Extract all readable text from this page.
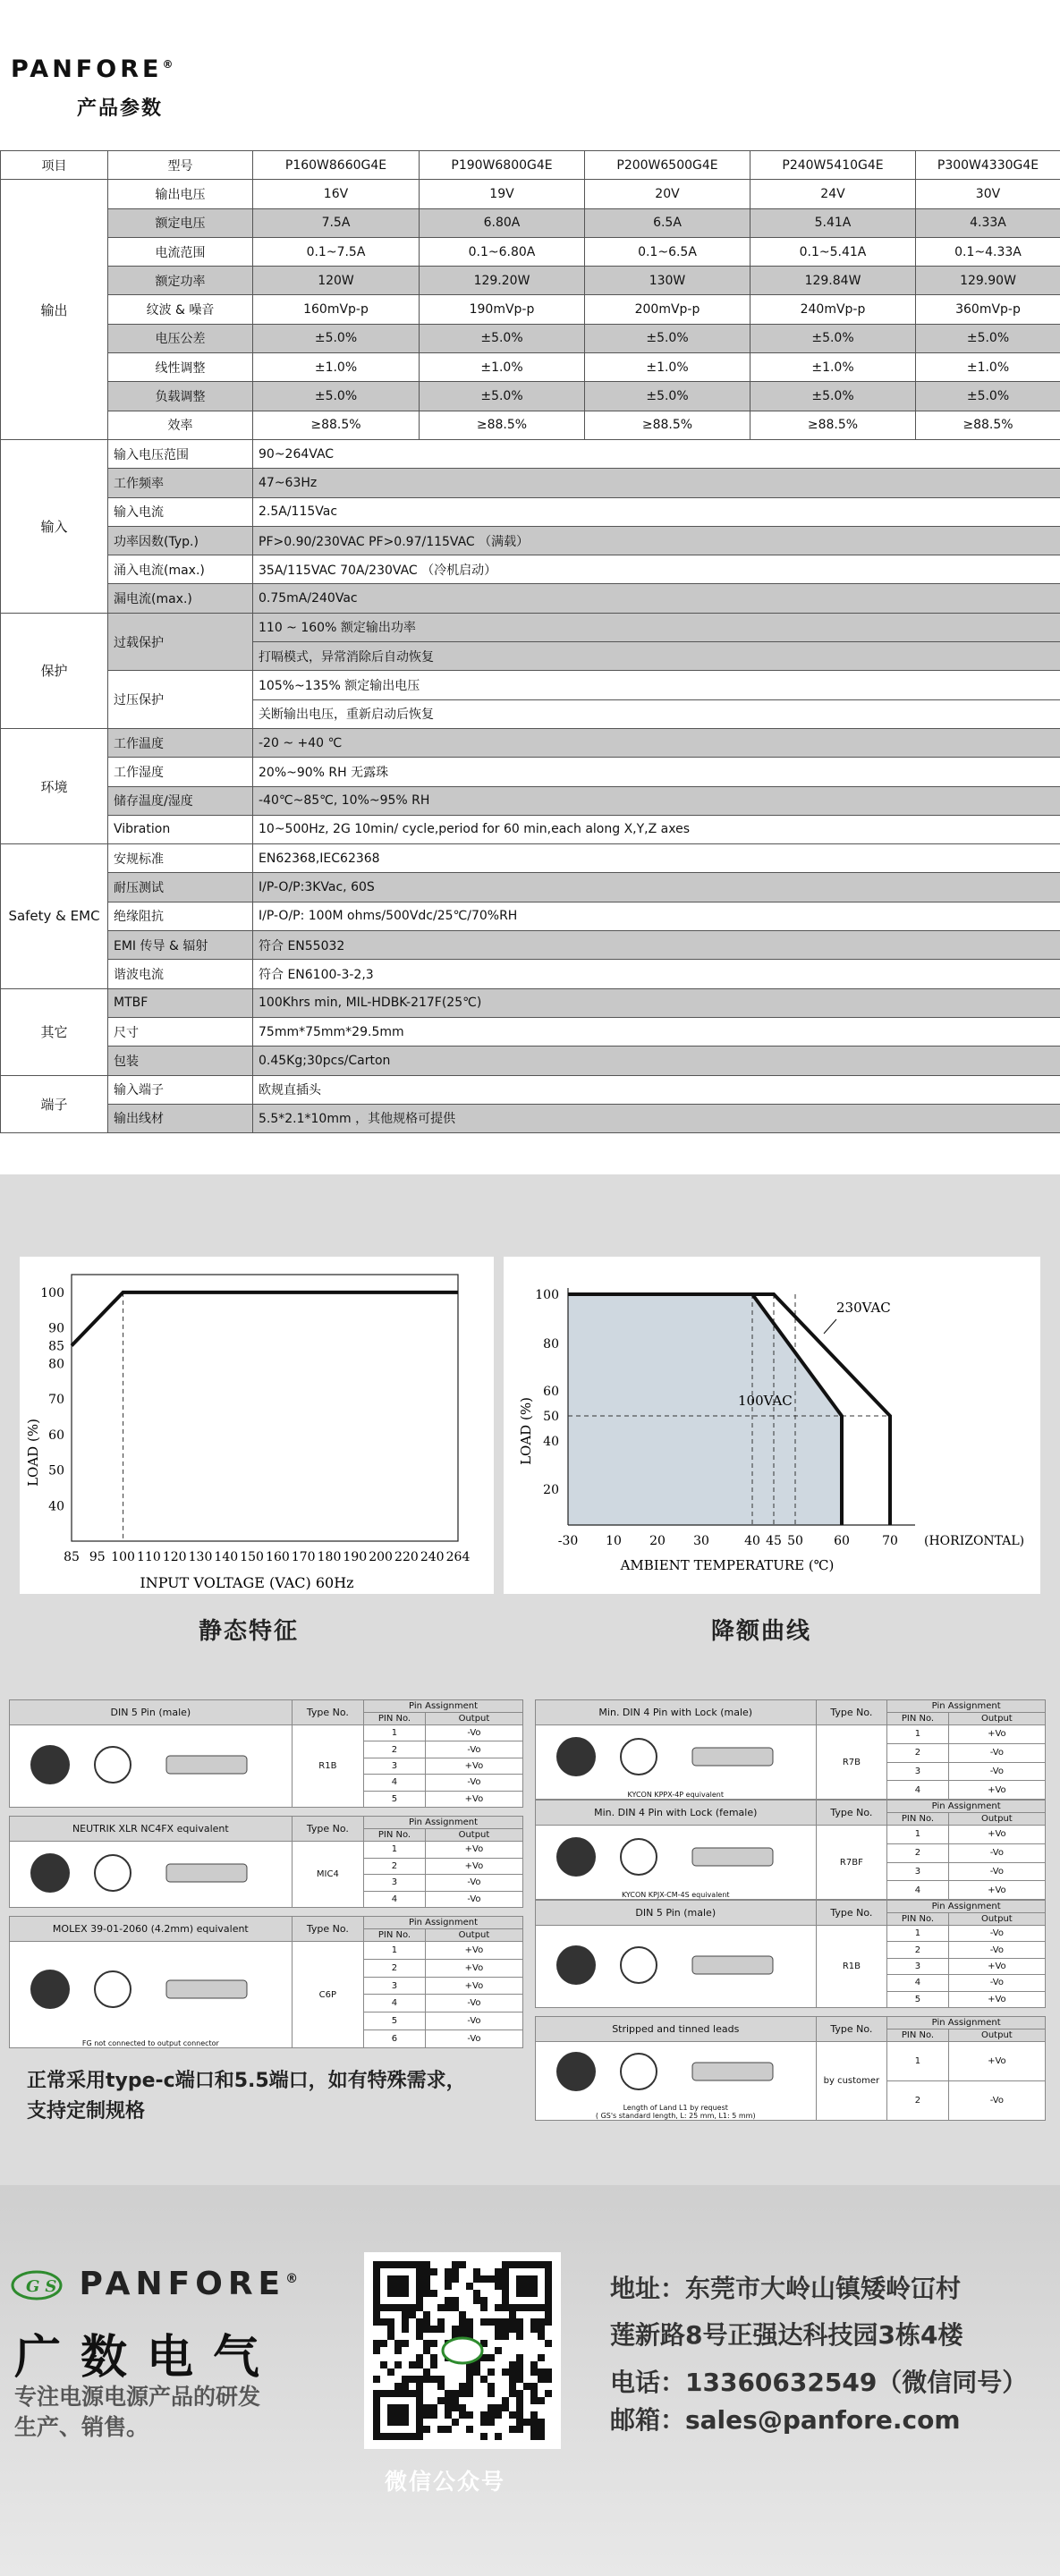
PANFORE®
产品参数
项目	型号	P160W8660G4E	P190W6800G4E	P200W6500G4E	P240W5410G4E	P300W4330G4E
输出	输出电压	16V	19V	20V	24V	30V
	额定电压	7.5A	6.80A	6.5A	5.41A	4.33A
	电流范围	0.1~7.5A	0.1~6.80A	0.1~6.5A	0.1~5.41A	0.1~4.33A
	额定功率	120W	129.20W	130W	129.84W	129.90W
	纹波 & 噪音	160mVp-p	190mVp-p	200mVp-p	240mVp-p	360mVp-p
	电压公差	±5.0%	±5.0%	±5.0%	±5.0%	±5.0%
	线性调整	±1.0%	±1.0%	±1.0%	±1.0%	±1.0%
	负载调整	±5.0%	±5.0%	±5.0%	±5.0%	±5.0%
	效率	≥88.5%	≥88.5%	≥88.5%	≥88.5%	≥88.5%
输入	输入电压范围	90~264VAC				
	工作频率	47~63Hz				
	输入电流	2.5A/115Vac				
	功率因数(Typ.)	PF>0.90/230VAC PF>0.97/115VAC （满载）				
	涌入电流(max.)	35A/115VAC 70A/230VAC （冷机启动）				
	漏电流(max.)	0.75mA/240Vac				
保护	过载保护	110 ~ 160% 额定输出功率				
		打嗝模式，异常消除后自动恢复				
	过压保护	105%~135% 额定输出电压				
		关断输出电压，重新启动后恢复				
环境	工作温度	-20 ~ +40 ℃				
	工作湿度	20%~90% RH 无露珠				
	储存温度/湿度	-40℃~85℃, 10%~95% RH				
	Vibration	10~500Hz, 2G 10min/ cycle,period for 60 min,each along X,Y,Z axes				
Safety & EMC	安规标准	EN62368,IEC62368				
	耐压测试	I/P-O/P:3KVac, 60S				
	绝缘阻抗	I/P-O/P: 100M ohms/500Vdc/25℃/70%RH				
	EMI 传导 & 辐射	符合 EN55032				
	谐波电流	符合 EN6100-3-2,3				
其它	MTBF	100Khrs min, MIL-HDBK-217F(25℃)				
	尺寸	75mm*75mm*29.5mm				
	包装	0.45Kg;30pcs/Carton				
端子	输入端子	欧规直插头				
	输出线材	5.5*2.1*10mm ，其他规格可提供				
40
50
60
70
80
85
90
100
85 95 100 110 120 130 140 150 160 170 180 190 200 220 240 264
INPUT VOLTAGE (VAC) 60Hz
LOAD (%)
20
40
50
60
80
100
-30 10 20 30	40 45 50 60	70 (HORIZONTAL)
230VAC
100VAC
AMBIENT TEMPERATURE (℃)
LOAD (%)
静态特征	降额曲线
DIN 5 Pin (male)	Type No.	Pin Assignment	
		PIN No.	Output
	R1B	1	-Vo
		2	-Vo
		3	+Vo
		4	-Vo
		5	+Vo
NEUTRIK XLR NC4FX equivalent	Type No.	Pin Assignment	
		PIN No.	Output
	MIC4	1	+Vo
		2	+Vo
		3	-Vo
		4	-Vo
MOLEX 39-01-2060 (4.2mm) equivalent	Type No.	Pin Assignment	
		PIN No.	Output

FG not connected to output connector	C6P	1	+Vo
		2	+Vo
		3	+Vo
		4	-Vo
		5	-Vo
		6	-Vo
Min. DIN 4 Pin with Lock (male)	Type No.	Pin Assignment	
		PIN No.	Output

KYCON KPPX-4P equivalent	R7B	1	+Vo
		2	-Vo
		3	-Vo
		4	+Vo
Min. DIN 4 Pin with Lock (female)	Type No.	Pin Assignment	
		PIN No.	Output

KYCON KPJX-CM-4S equivalent	R7BF	1	+Vo
		2	-Vo
		3	-Vo
		4	+Vo
DIN 5 Pin (male)	Type No.	Pin Assignment	
		PIN No.	Output
	R1B	1	-Vo
		2	-Vo
		3	+Vo
		4	-Vo
		5	+Vo
Stripped and tinned leads	Type No.	Pin Assignment	
		PIN No.	Output

Length of Land L1 by request
( GS's standard length, L: 25 mm, L1: 5 mm)	by customer	1	+Vo
		2	-Vo
正常采用type-c端口和5.5端口，如有特殊需求，
支持定制规格
GS PANFORE®
广数电气
专注电源电源产品的研发
生产、销售。
微信公众号
地址：东莞市大岭山镇矮岭冚村
莲新路8号正强达科技园3栋4楼
电话：13360632549（微信同号）
邮箱：sales@panfore.com
